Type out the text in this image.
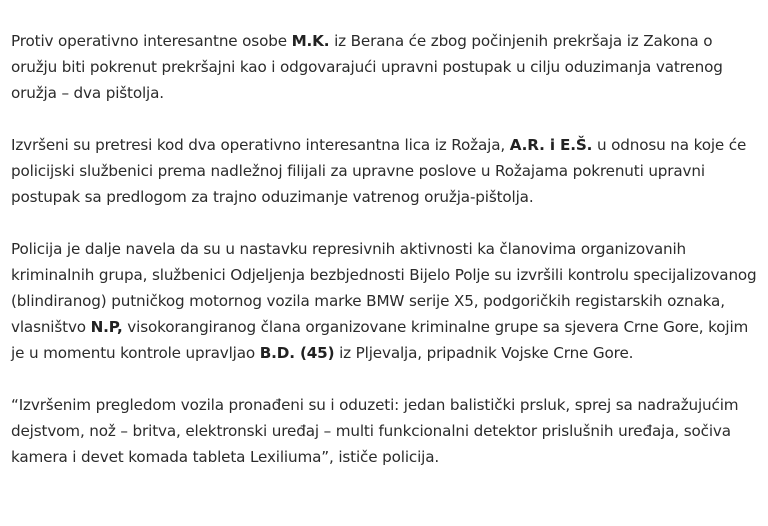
Protiv operativno interesantne osobe M.K. iz Berana će zbog počinjenih prekršaja iz Zakona o oružju biti pokrenut prekršajni kao i odgovarajući upravni postupak u cilju oduzimanja vatrenog oružja – dva pištolja.

Izvršeni su pretresi kod dva operativno interesantna lica iz Rožaja, A.R. i E.Š. u odnosu na koje će policijski službenici prema nadležnoj filijali za upravne poslove u Rožajama pokrenuti upravni postupak sa predlogom za trajno oduzimanje vatrenog oružja-pištolja.

Policija je dalje navela da su u nastavku represivnih aktivnosti ka članovima organizovanih kriminalnih grupa, službenici Odjeljenja bezbjednosti Bijelo Polje su izvršili kontrolu specijalizovanog (blindiranog) putničkog motornog vozila marke BMW serije X5, podgoričkih registarskih oznaka, vlasništvo N.P, visokorangiranog člana organizovane kriminalne grupe sa sjevera Crne Gore, kojim je u momentu kontrole upravljao B.D. (45) iz Pljevalja, pripadnik Vojske Crne Gore.

“Izvršenim pregledom vozila pronađeni su i oduzeti: jedan balistički prsluk, sprej sa nadražujućim dejstvom, nož – britva, elektronski uređaj – multi funkcionalni detektor prislušnih uređaja, sočiva kamera i devet komada tableta Lexiliuma”, ističe policija.
